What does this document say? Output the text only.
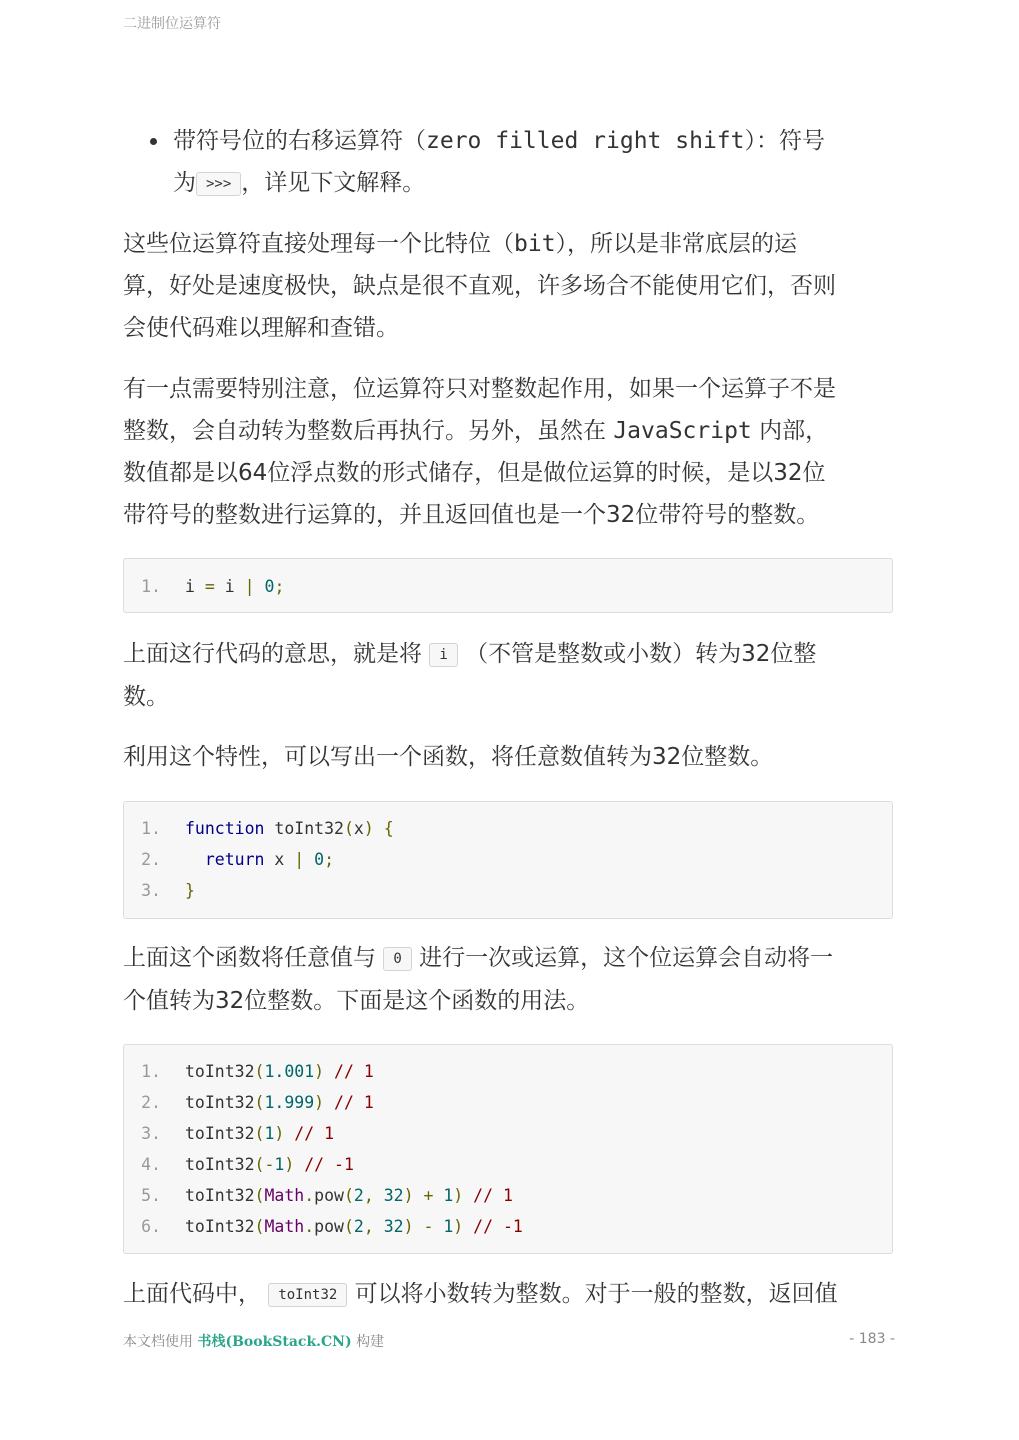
二进制位运算符
带符号位的右移运算符（zero filled right shift）：符号
为 >>> ，详见下文解释。
这些位运算符直接处理每一个比特位（bit），所以是非常底层的运
算，好处是速度极快，缺点是很不直观，许多场合不能使用它们，否则
会使代码难以理解和查错。
有一点需要特别注意，位运算符只对整数起作用，如果一个运算子不是
整数，会自动转为整数后再执行。另外，虽然在 JavaScript 内部，
数值都是以64位浮点数的形式储存，但是做位运算的时候，是以32位
带符号的整数进行运算的，并且返回值也是一个32位带符号的整数。
1. i = i | 0;
上面这行代码的意思，就是将 i （不管是整数或小数）转为32位整
数。
利用这个特性，可以写出一个函数，将任意数值转为32位整数。
1. function toInt32(x) {
2.	return x | 0;
3. }
上面这个函数将任意值与 0 进行一次或运算，这个位运算会自动将一
个值转为32位整数。下面是这个函数的用法。
1. toInt32(1.001) // 1
2. toInt32(1.999) // 1
3. toInt32(1) // 1
4. toInt32(-1) // -1
5. toInt32(Math.pow(2, 32) + 1) // 1
6. toInt32(Math.pow(2, 32) - 1) // -1
上面代码中， toInt32 可以将小数转为整数。对于一般的整数，返回值
本文档使用 书栈(BookStack.CN) 构建	- 183 -
